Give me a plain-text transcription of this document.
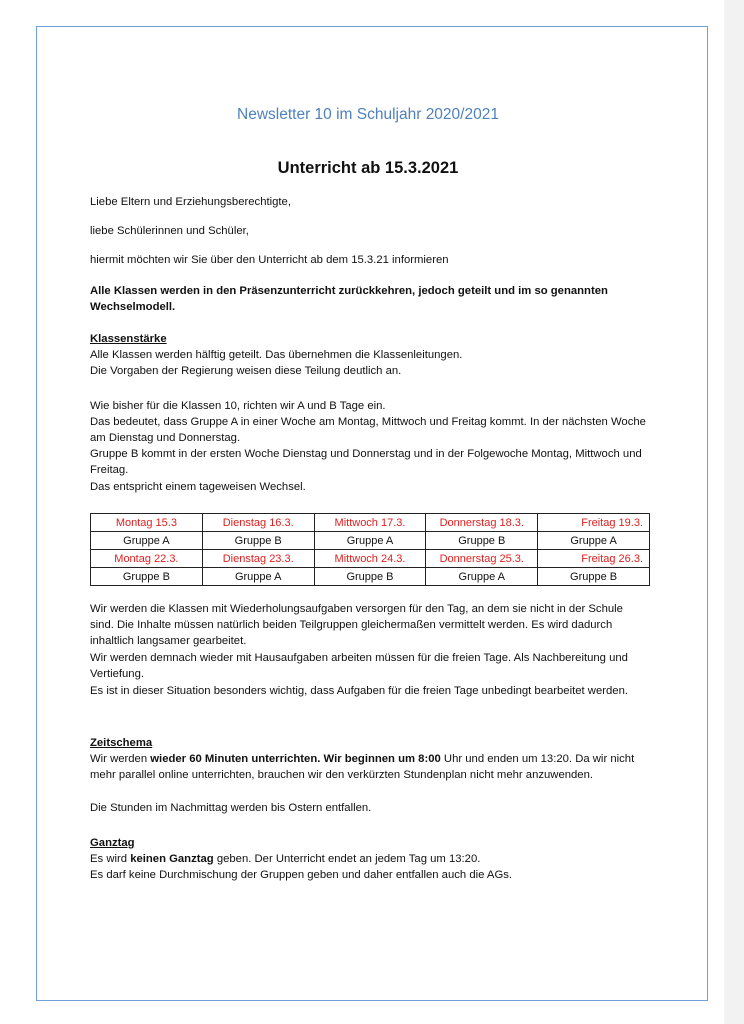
Newsletter 10 im Schuljahr 2020/2021
Unterricht ab 15.3.2021
Liebe Eltern und Erziehungsberechtigte,
liebe Schülerinnen und Schüler,
hiermit möchten wir Sie über den Unterricht ab dem 15.3.21 informieren
Alle Klassen werden in den Präsenzunterricht zurückkehren, jedoch geteilt und im so genannten Wechselmodell.
Klassenstärke
Alle Klassen werden hälftig geteilt. Das übernehmen die Klassenleitungen.
Die Vorgaben der Regierung weisen diese Teilung deutlich an.
Wie bisher für die Klassen 10, richten wir A und B Tage ein.
Das bedeutet, dass Gruppe A in einer Woche am Montag, Mittwoch und Freitag kommt. In der nächsten Woche am Dienstag und Donnerstag.
Gruppe B kommt in der ersten Woche Dienstag und Donnerstag und in der Folgewoche Montag, Mittwoch und Freitag.
Das entspricht einem tageweisen Wechsel.
Montag 15.3	Dienstag 16.3.	Mittwoch 17.3.	Donnerstag 18.3.	Freitag 19.3.
Gruppe A	Gruppe B	Gruppe A	Gruppe B	Gruppe A
Montag 22.3.	Dienstag 23.3.	Mittwoch 24.3.	Donnerstag 25.3.	Freitag 26.3.
Gruppe B	Gruppe A	Gruppe B	Gruppe A	Gruppe B
Wir werden die Klassen mit Wiederholungsaufgaben versorgen für den Tag, an dem sie nicht in der Schule sind. Die Inhalte müssen natürlich beiden Teilgruppen gleichermaßen vermittelt werden. Es wird dadurch inhaltlich langsamer gearbeitet.
Wir werden demnach wieder mit Hausaufgaben arbeiten müssen für die freien Tage. Als Nachbereitung und Vertiefung.
Es ist in dieser Situation besonders wichtig, dass Aufgaben für die freien Tage unbedingt bearbeitet werden.
Zeitschema
Wir werden wieder 60 Minuten unterrichten. Wir beginnen um 8:00 Uhr und enden um 13:20. Da wir nicht mehr parallel online unterrichten, brauchen wir den verkürzten Stundenplan nicht mehr anzuwenden.
Die Stunden im Nachmittag werden bis Ostern entfallen.
Ganztag
Es wird keinen Ganztag geben. Der Unterricht endet an jedem Tag um 13:20.
Es darf keine Durchmischung der Gruppen geben und daher entfallen auch die AGs.
